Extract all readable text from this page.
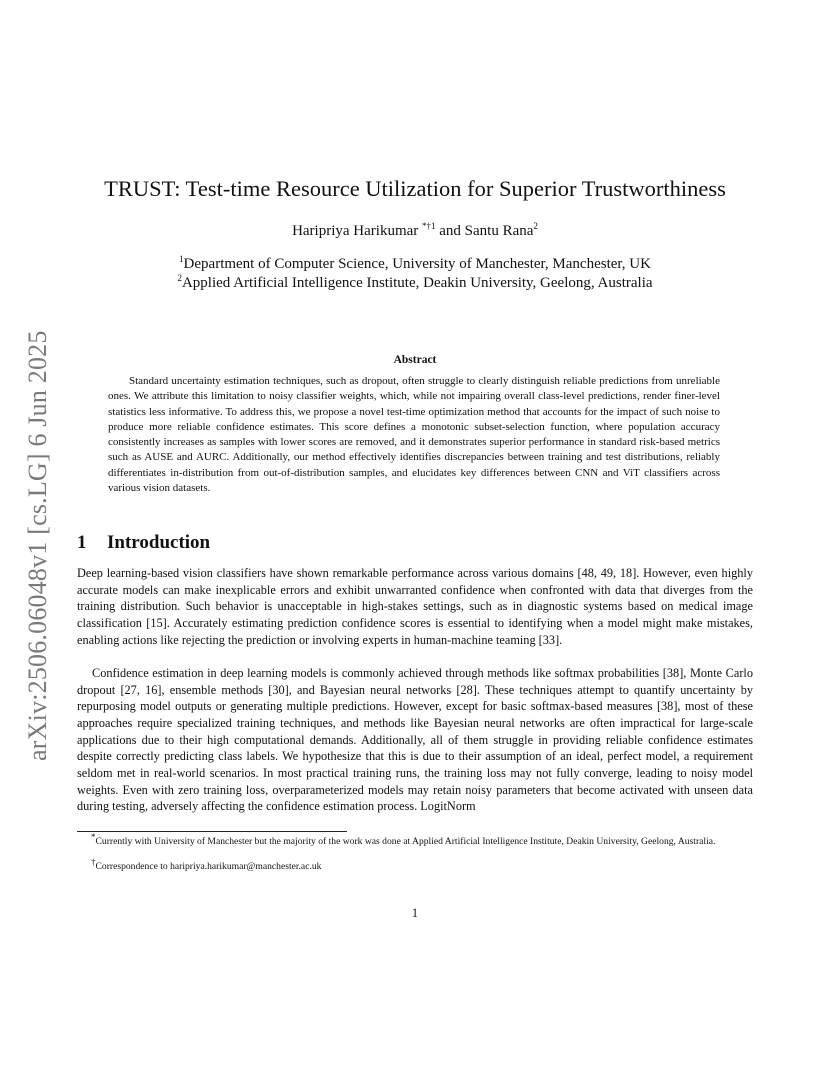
arXiv:2506.06048v1 [cs.LG] 6 Jun 2025
TRUST: Test-time Resource Utilization for Superior Trustworthiness
Haripriya Harikumar $^{*\dagger 1}$ and Santu Rana$^2$
$^1$Department of Computer Science, University of Manchester, Manchester, UK
$^2$Applied Artificial Intelligence Institute, Deakin University, Geelong, Australia
Abstract

Standard uncertainty estimation techniques, such as dropout, often struggle to clearly distinguish reliable predictions from unreliable ones. We attribute this limitation to noisy classifier weights, which, while not impairing overall class-level predictions, render finer-level statistics less informative. To address this, we propose a novel test-time optimization method that accounts for the impact of such noise to produce more reliable confidence estimates. This score defines a monotonic subset-selection function, where population accuracy consistently increases as samples with lower scores are removed, and it demonstrates superior performance in standard risk-based metrics such as AUSE and AURC. Additionally, our method effectively identifies discrepancies between training and test distributions, reliably differentiates in-distribution from out-of-distribution samples, and elucidates key differences between CNN and ViT classifiers across various vision datasets.

1 Introduction

Deep learning-based vision classifiers have shown remarkable performance across various domains [48, 49, 18]. However, even highly accurate models can make inexplicable errors and exhibit unwarranted confidence when confronted with data that diverges from the training distribution. Such behavior is unacceptable in high-stakes settings, such as in diagnostic systems based on medical image classification [15]. Accurately estimating prediction confidence scores is essential to identifying when a model might make mistakes, enabling actions like rejecting the prediction or involving experts in human-machine teaming [33].

Confidence estimation in deep learning models is commonly achieved through methods like softmax probabilities [38], Monte Carlo dropout [27, 16], ensemble methods [30], and Bayesian neural networks [28]. These techniques attempt to quantify uncertainty by repurposing model outputs or generating multiple predictions. However, except for basic softmax-based measures [38], most of these approaches require specialized training techniques, and methods like Bayesian neural networks are often impractical for large-scale applications due to their high computational demands. Additionally, all of them struggle in providing reliable confidence estimates despite correctly predicting class labels. We hypothesize that this is due to their assumption of an ideal, perfect model, a requirement seldom met in real-world scenarios. In most practical training runs, the training loss may not fully converge, leading to noisy model weights. Even with zero training loss, overparameterized models may retain noisy parameters that become activated with unseen data during testing, adversely affecting the confidence estimation process. LogitNorm

*Currently with University of Manchester but the majority of the work was done at Applied Artificial Intelligence Institute, Deakin University, Geelong, Australia.

†Correspondence to haripriya.harikumar@manchester.ac.uk

1
